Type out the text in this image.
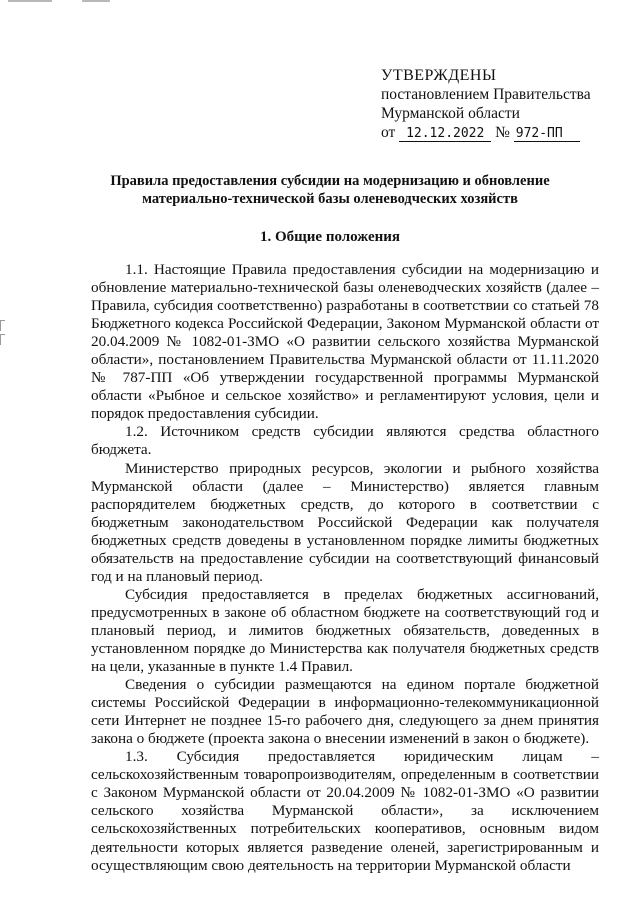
УТВЕРЖДЕНЫ
постановлением Правительства
Мурманской области
от 12.12.2022 № 972-ПП
Правила предоставления субсидии на модернизацию и обновление
материально-технической базы оленеводческих хозяйств
1. Общие положения

1.1. Настоящие Правила предоставления субсидии на модернизацию и обновление материально-технической базы оленеводческих хозяйств (далее – Правила, субсидия соответственно) разработаны в соответствии со статьей 78 Бюджетного кодекса Российской Федерации, Законом Мурманской области от 20.04.2009 № 1082-01-ЗМО «О развитии сельского хозяйства Мурманской области», постановлением Правительства Мурманской области от 11.11.2020 № 787-ПП «Об утверждении государственной программы Мурманской области «Рыбное и сельское хозяйство» и регламентируют условия, цели и порядок предоставления субсидии.

1.2. Источником средств субсидии являются средства областного бюджета.

Министерство природных ресурсов, экологии и рыбного хозяйства Мурманской области (далее – Министерство) является главным распорядителем бюджетных средств, до которого в соответствии с бюджетным законодательством Российской Федерации как получателя бюджетных средств доведены в установленном порядке лимиты бюджетных обязательств на предоставление субсидии на соответствующий финансовый год и на плановый период.

Субсидия предоставляется в пределах бюджетных ассигнований, предусмотренных в законе об областном бюджете на соответствующий год и плановый период, и лимитов бюджетных обязательств, доведенных в установленном порядке до Министерства как получателя бюджетных средств на цели, указанные в пункте 1.4 Правил.

Сведения о субсидии размещаются на едином портале бюджетной системы Российской Федерации в информационно-телекоммуникационной сети Интернет не позднее 15-го рабочего дня, следующего за днем принятия закона о бюджете (проекта закона о внесении изменений в закон о бюджете).

1.3. Субсидия предоставляется юридическим лицам – сельскохозяйственным товаропроизводителям, определенным в соответствии с Законом Мурманской области от 20.04.2009 № 1082-01-ЗМО «О развитии сельского хозяйства Мурманской области», за исключением сельскохозяйственных потребительских кооперативов, основным видом деятельности которых является разведение оленей, зарегистрированным и осуществляющим свою деятельность на территории Мурманской области
